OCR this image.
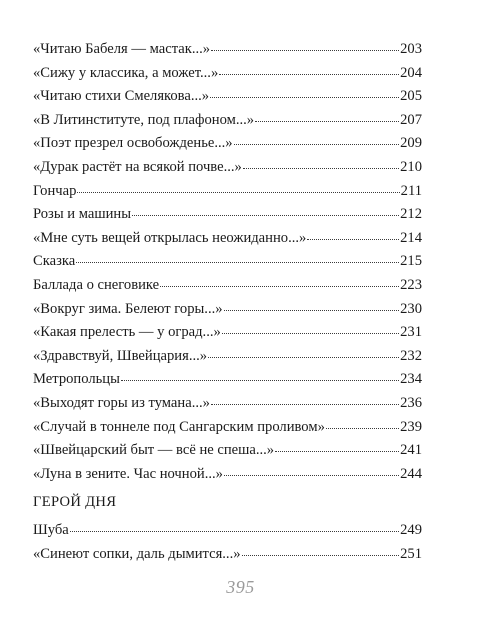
«Читаю Бабеля — мастак...»	203
«Сижу у классика, а может...»	204
«Читаю стихи Смелякова...»	205
«В Литинституте, под плафоном...»	207
«Поэт презрел освобожденье...»	209
«Дурак растёт на всякой почве...»	210
Гончар	211
Розы и машины	212
«Мне суть вещей открылась неожиданно...»	214
Сказка	215
Баллада о снеговике	223
«Вокруг зима. Белеют горы...»	230
«Какая прелесть — у оград...»	231
«Здравствуй, Швейцария...»	232
Метропольцы	234
«Выходят горы из тумана...»	236
«Случай в тоннеле под Сангарским проливом»	239
«Швейцарский быт — всё не спеша...»	241
«Луна в зените. Час ночной...»	244
ГЕРОЙ ДНЯ
Шуба	249
«Синеют сопки, даль дымится...»	251
395
